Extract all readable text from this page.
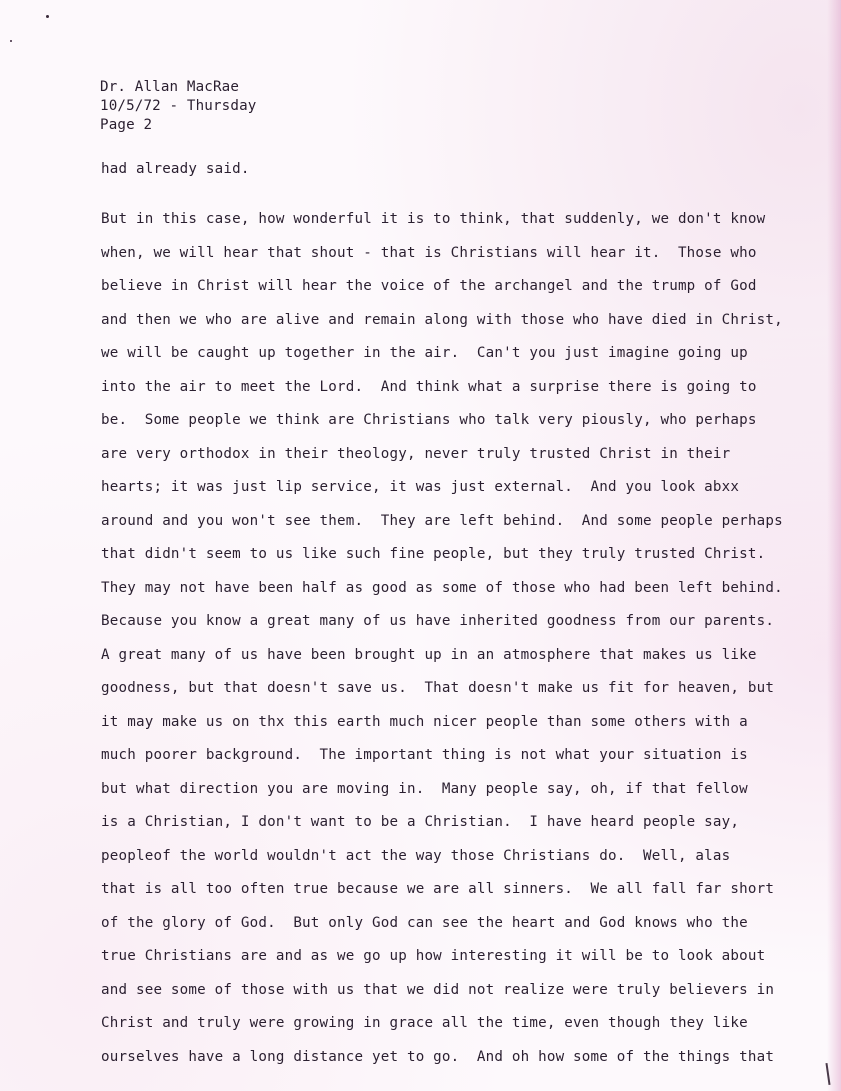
Dr. Allan MacRae
10/5/72 - Thursday
Page 2
had already said.
But in this case, how wonderful it is to think, that suddenly, we don't know
when, we will hear that shout - that is Christians will hear it.  Those who
believe in Christ will hear the voice of the archangel and the trump of God
and then we who are alive and remain along with those who have died in Christ,
we will be caught up together in the air.  Can't you just imagine going up
into the air to meet the Lord.  And think what a surprise there is going to
be.  Some people we think are Christians who talk very piously, who perhaps
are very orthodox in their theology, never truly trusted Christ in their
hearts; it was just lip service, it was just external.  And you look abxx
around and you won't see them.  They are left behind.  And some people perhaps
that didn't seem to us like such fine people, but they truly trusted Christ.
They may not have been half as good as some of those who had been left behind.
Because you know a great many of us have inherited goodness from our parents.
A great many of us have been brought up in an atmosphere that makes us like
goodness, but that doesn't save us.  That doesn't make us fit for heaven, but
it may make us on thx this earth much nicer people than some others with a
much poorer background.  The important thing is not what your situation is
but what direction you are moving in.  Many people say, oh, if that fellow
is a Christian, I don't want to be a Christian.  I have heard people say,
peopleof the world wouldn't act the way those Christians do.  Well, alas
that is all too often true because we are all sinners.  We all fall far short
of the glory of God.  But only God can see the heart and God knows who the
true Christians are and as we go up how interesting it will be to look about
and see some of those with us that we did not realize were truly believers in
Christ and truly were growing in grace all the time, even though they like
ourselves have a long distance yet to go.  And oh how some of the things that
